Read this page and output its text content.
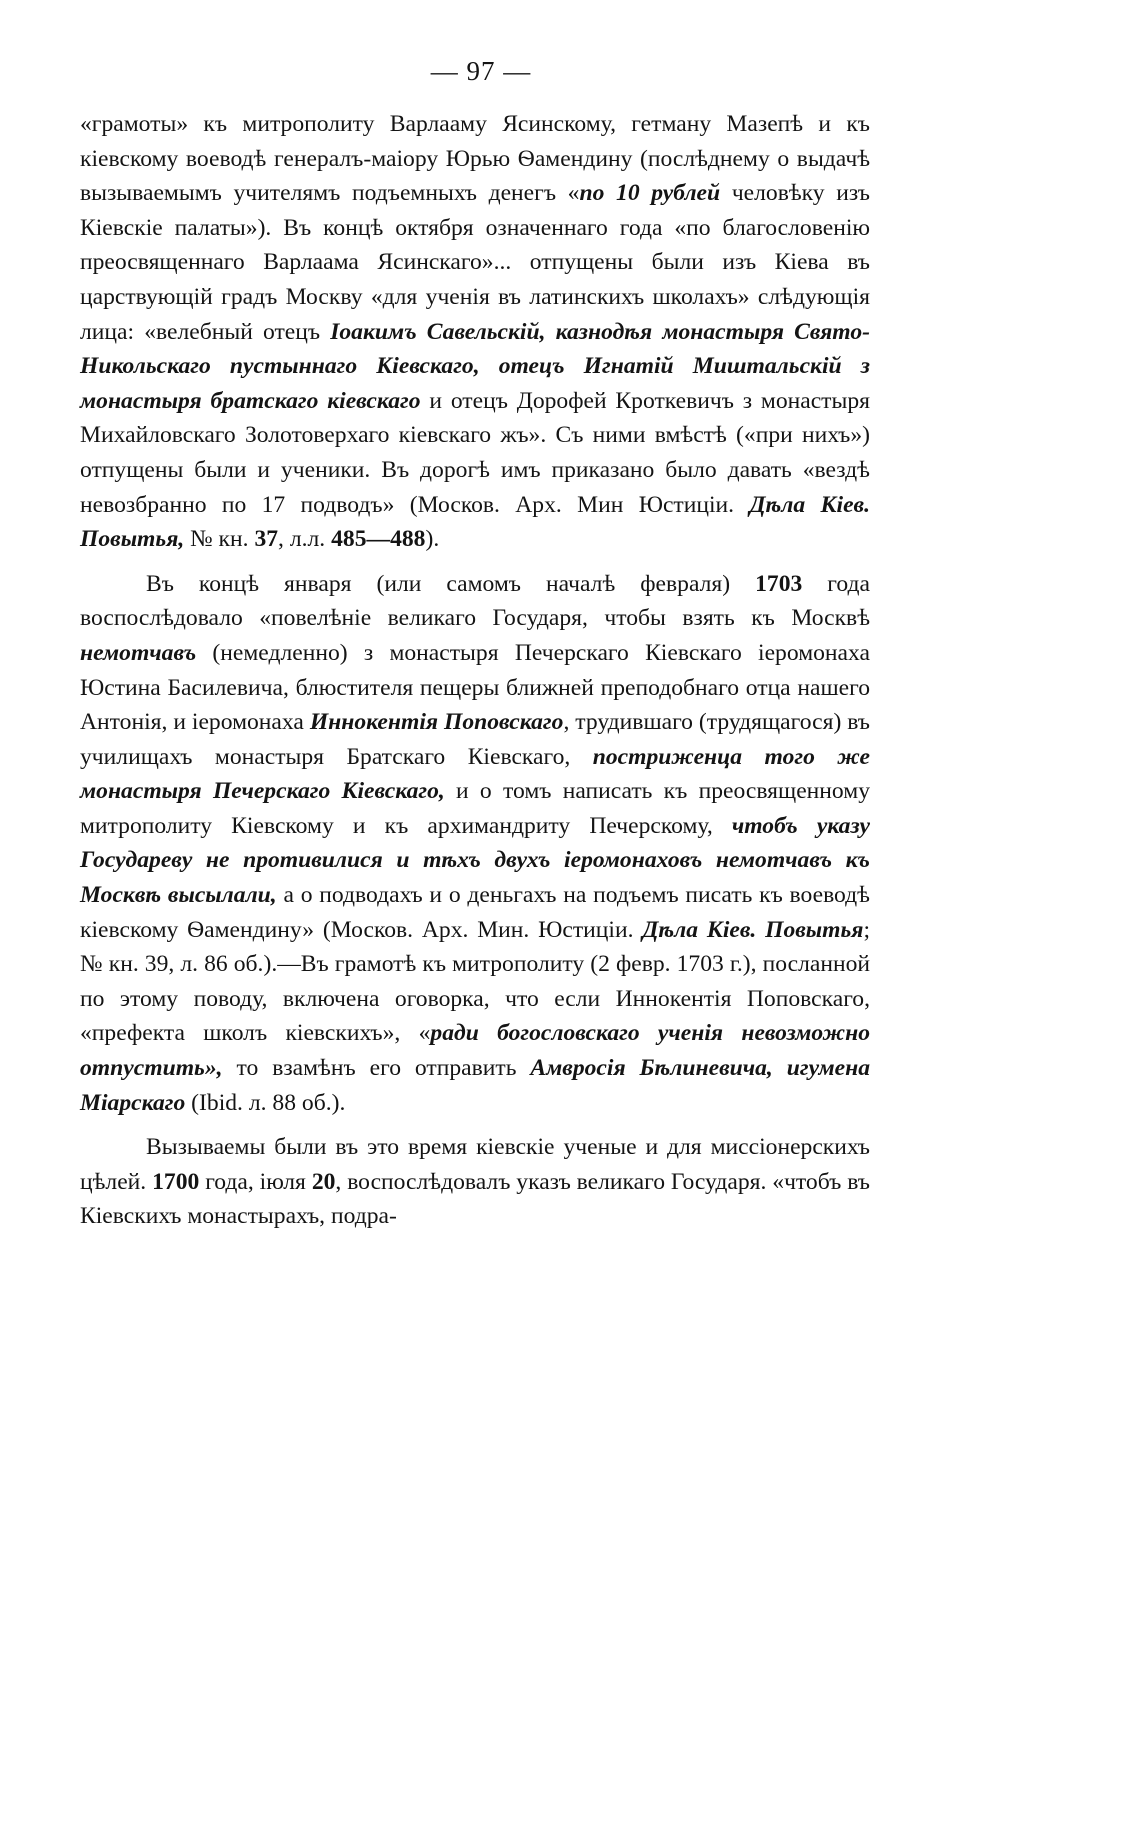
— 97 —

«грамоты» къ митрополиту Варлааму Ясинскому, гетману Мазепѣ и къ кіевскому воеводѣ генералъ-маіору Юрью Ѳамендину (послѣднему о выдачѣ вызываемымъ учителямъ подъемныхъ денегъ «по 10 рублей человѣку изъ Кіевскіе палаты»). Въ концѣ октября означеннаго года «по благословенію преосвященнаго Варлаама Ясинскаго»... отпущены были изъ Кіева въ царствующій градъ Москву «для ученія въ латинскихъ школахъ» слѣдующія лица: «велебный отецъ Іоакимъ Савельскій, казнодѣя монастыря Свято-Никольскаго пустыннаго Кіевскаго, отецъ Игнатій Миштальскій з монастыря братскаго кіевскаго и отецъ Дорофей Кроткевичъ з монастыря Михайловскаго Золотоверхаго кіевскаго жъ». Съ ними вмѣстѣ («при нихъ») отпущены были и ученики. Въ дорогѣ имъ приказано было давать «вездѣ невозбранно по 17 подводъ» (Москов. Арх. Мин Юстиціи. Дѣла Кіев. Повытья, № кн. 37, л.л. 485—488).

Въ концѣ января (или самомъ началѣ февраля) 1703 года воспослѣдовало «повелѣніе великаго Государя, чтобы взять къ Москвѣ немотчавъ (немедленно) з монастыря Печерскаго Кіевскаго іеромонаха Юстина Басилевича, блюстителя пещеры ближней преподобнаго отца нашего Антонія, и іеромонаха Иннокентія Поповскаго, трудившаго (трудящагося) въ училищахъ монастыря Братскаго Кіевскаго, постриженца того же монастыря Печерскаго Кіевскаго, и о томъ написать къ преосвященному митрополиту Кіевскому и къ архимандриту Печерскому, чтобъ указу Государеву не противилися и тѣхъ двухъ іеромонаховъ немотчавъ къ Москвѣ высылали, а о подводахъ и о деньгахъ на подъемъ писать къ воеводѣ кіевскому Ѳамендину» (Москов. Арх. Мин. Юстиціи. Дѣла Кіев. Повытья; № кн. 39, л. 86 об.).—Въ грамотѣ къ митрополиту (2 февр. 1703 г.), посланной по этому поводу, включена оговорка, что если Иннокентія Поповскаго, «префекта школъ кіевскихъ», «ради богословскаго ученія невозможно отпустить», то взамѣнъ его отправить Амвросія Бѣлиневича, игумена Міарскаго (Ibid. л. 88 об.).

Вызываемы были въ это время кіевскіе ученые и для миссіонерскихъ цѣлей. 1700 года, іюля 20, воспослѣдовалъ указъ великаго Государя. «чтобъ въ Кіевскихъ монастырахъ, подра-
